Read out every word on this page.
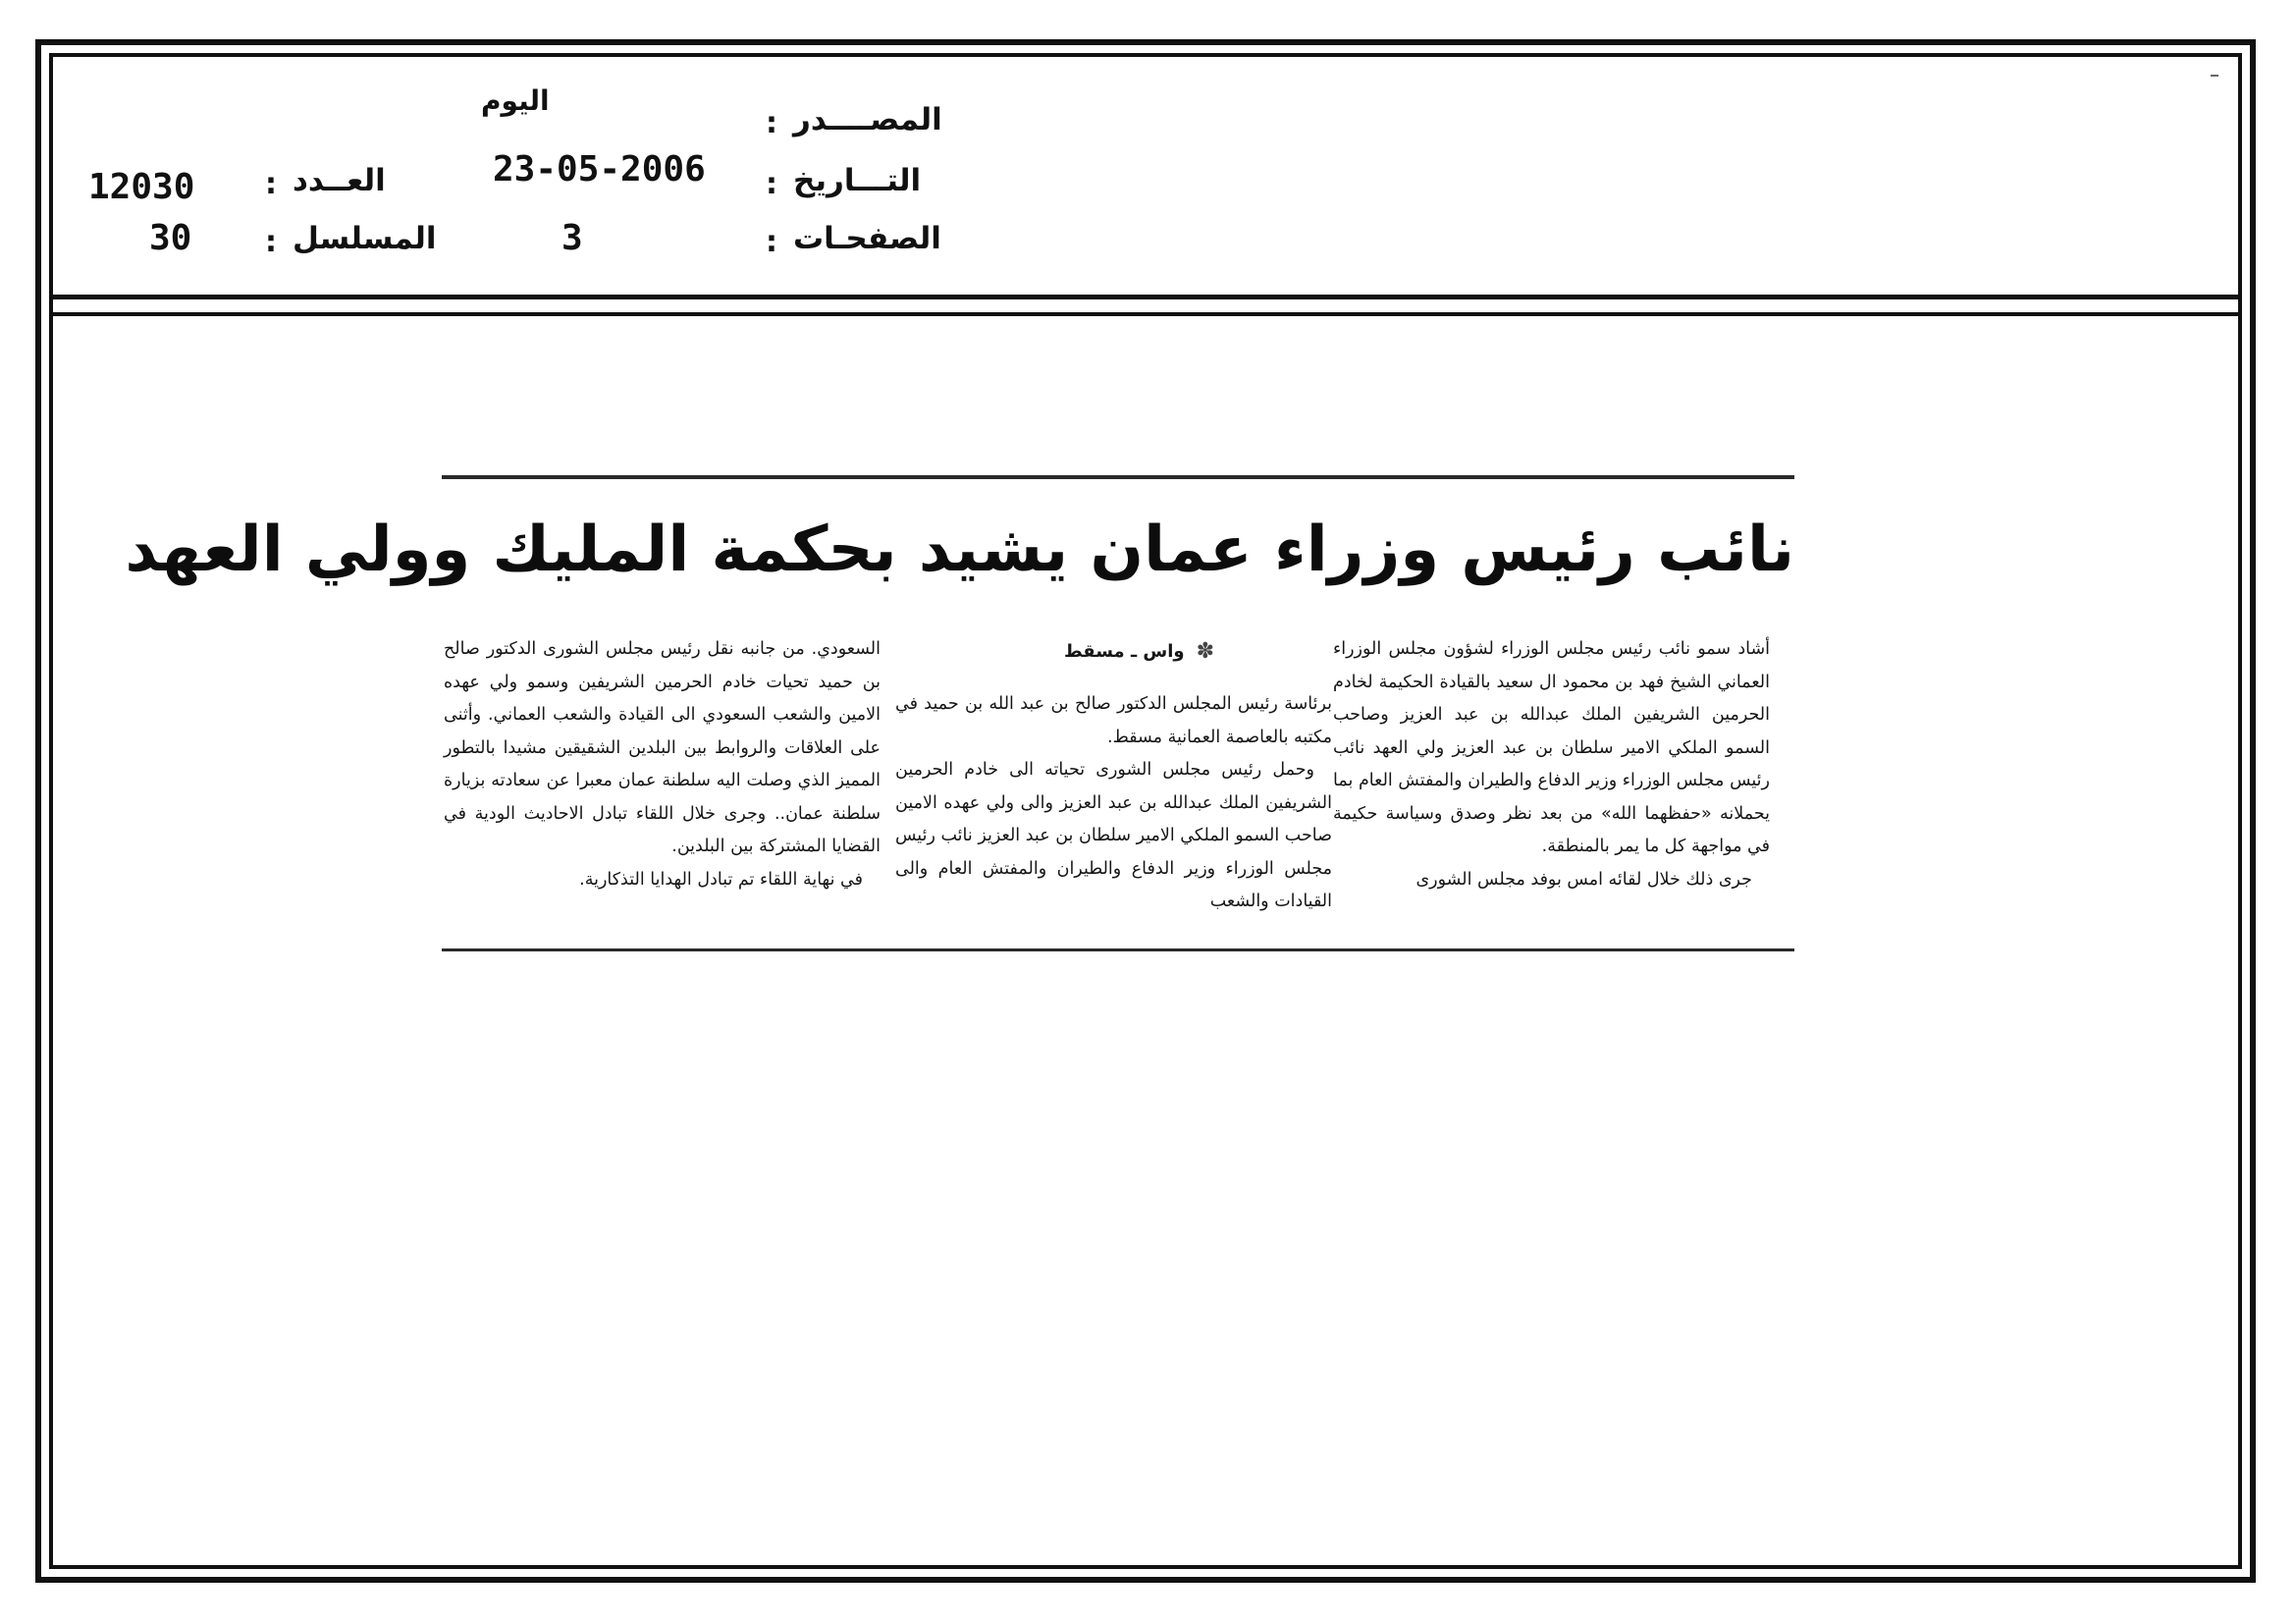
المصــــدر
:
اليوم
التـــاريخ
:
23-05-2006
الصفحـات
:
3
العــدد
:
12030
المسلسل
:
30
نائب رئيس وزراء عمان يشيد بحكمة المليك وولي العهد

أشاد سمو نائب رئيس مجلس الوزراء لشؤون مجلس الوزراء العماني الشيخ فهد بن محمود ال سعيد بالقيادة الحكيمة لخادم الحرمين الشريفين الملك عبدالله بن عبد العزيز وصاحب السمو الملكي الامير سلطان بن عبد العزيز ولي العهد نائب رئيس مجلس الوزراء وزير الدفاع والطيران والمفتش العام بما يحملانه «حفظهما الله» من بعد نظر وصدق وسياسة حكيمة في مواجهة كل ما يمر بالمنطقة.

جرى ذلك خلال لقائه امس بوفد مجلس الشورى

✽واس ـ مسقط

برئاسة رئيس المجلس الدكتور صالح بن عبد الله بن حميد في مكتبه بالعاصمة العمانية مسقط.

وحمل رئيس مجلس الشورى تحياته الى خادم الحرمين الشريفين الملك عبدالله بن عبد العزيز والى ولي عهده الامين صاحب السمو الملكي الامير سلطان بن عبد العزيز نائب رئيس مجلس الوزراء وزير الدفاع والطيران والمفتش العام والى القيادات والشعب

السعودي. من جانبه نقل رئيس مجلس الشورى الدكتور صالح بن حميد تحيات خادم الحرمين الشريفين وسمو ولي عهده الامين والشعب السعودي الى القيادة والشعب العماني. وأثنى على العلاقات والروابط بين البلدين الشقيقين مشيدا بالتطور المميز الذي وصلت اليه سلطنة عمان معبرا عن سعادته بزيارة سلطنة عمان.. وجرى خلال اللقاء تبادل الاحاديث الودية في القضايا المشتركة بين البلدين.

في نهاية اللقاء تم تبادل الهدايا التذكارية.
